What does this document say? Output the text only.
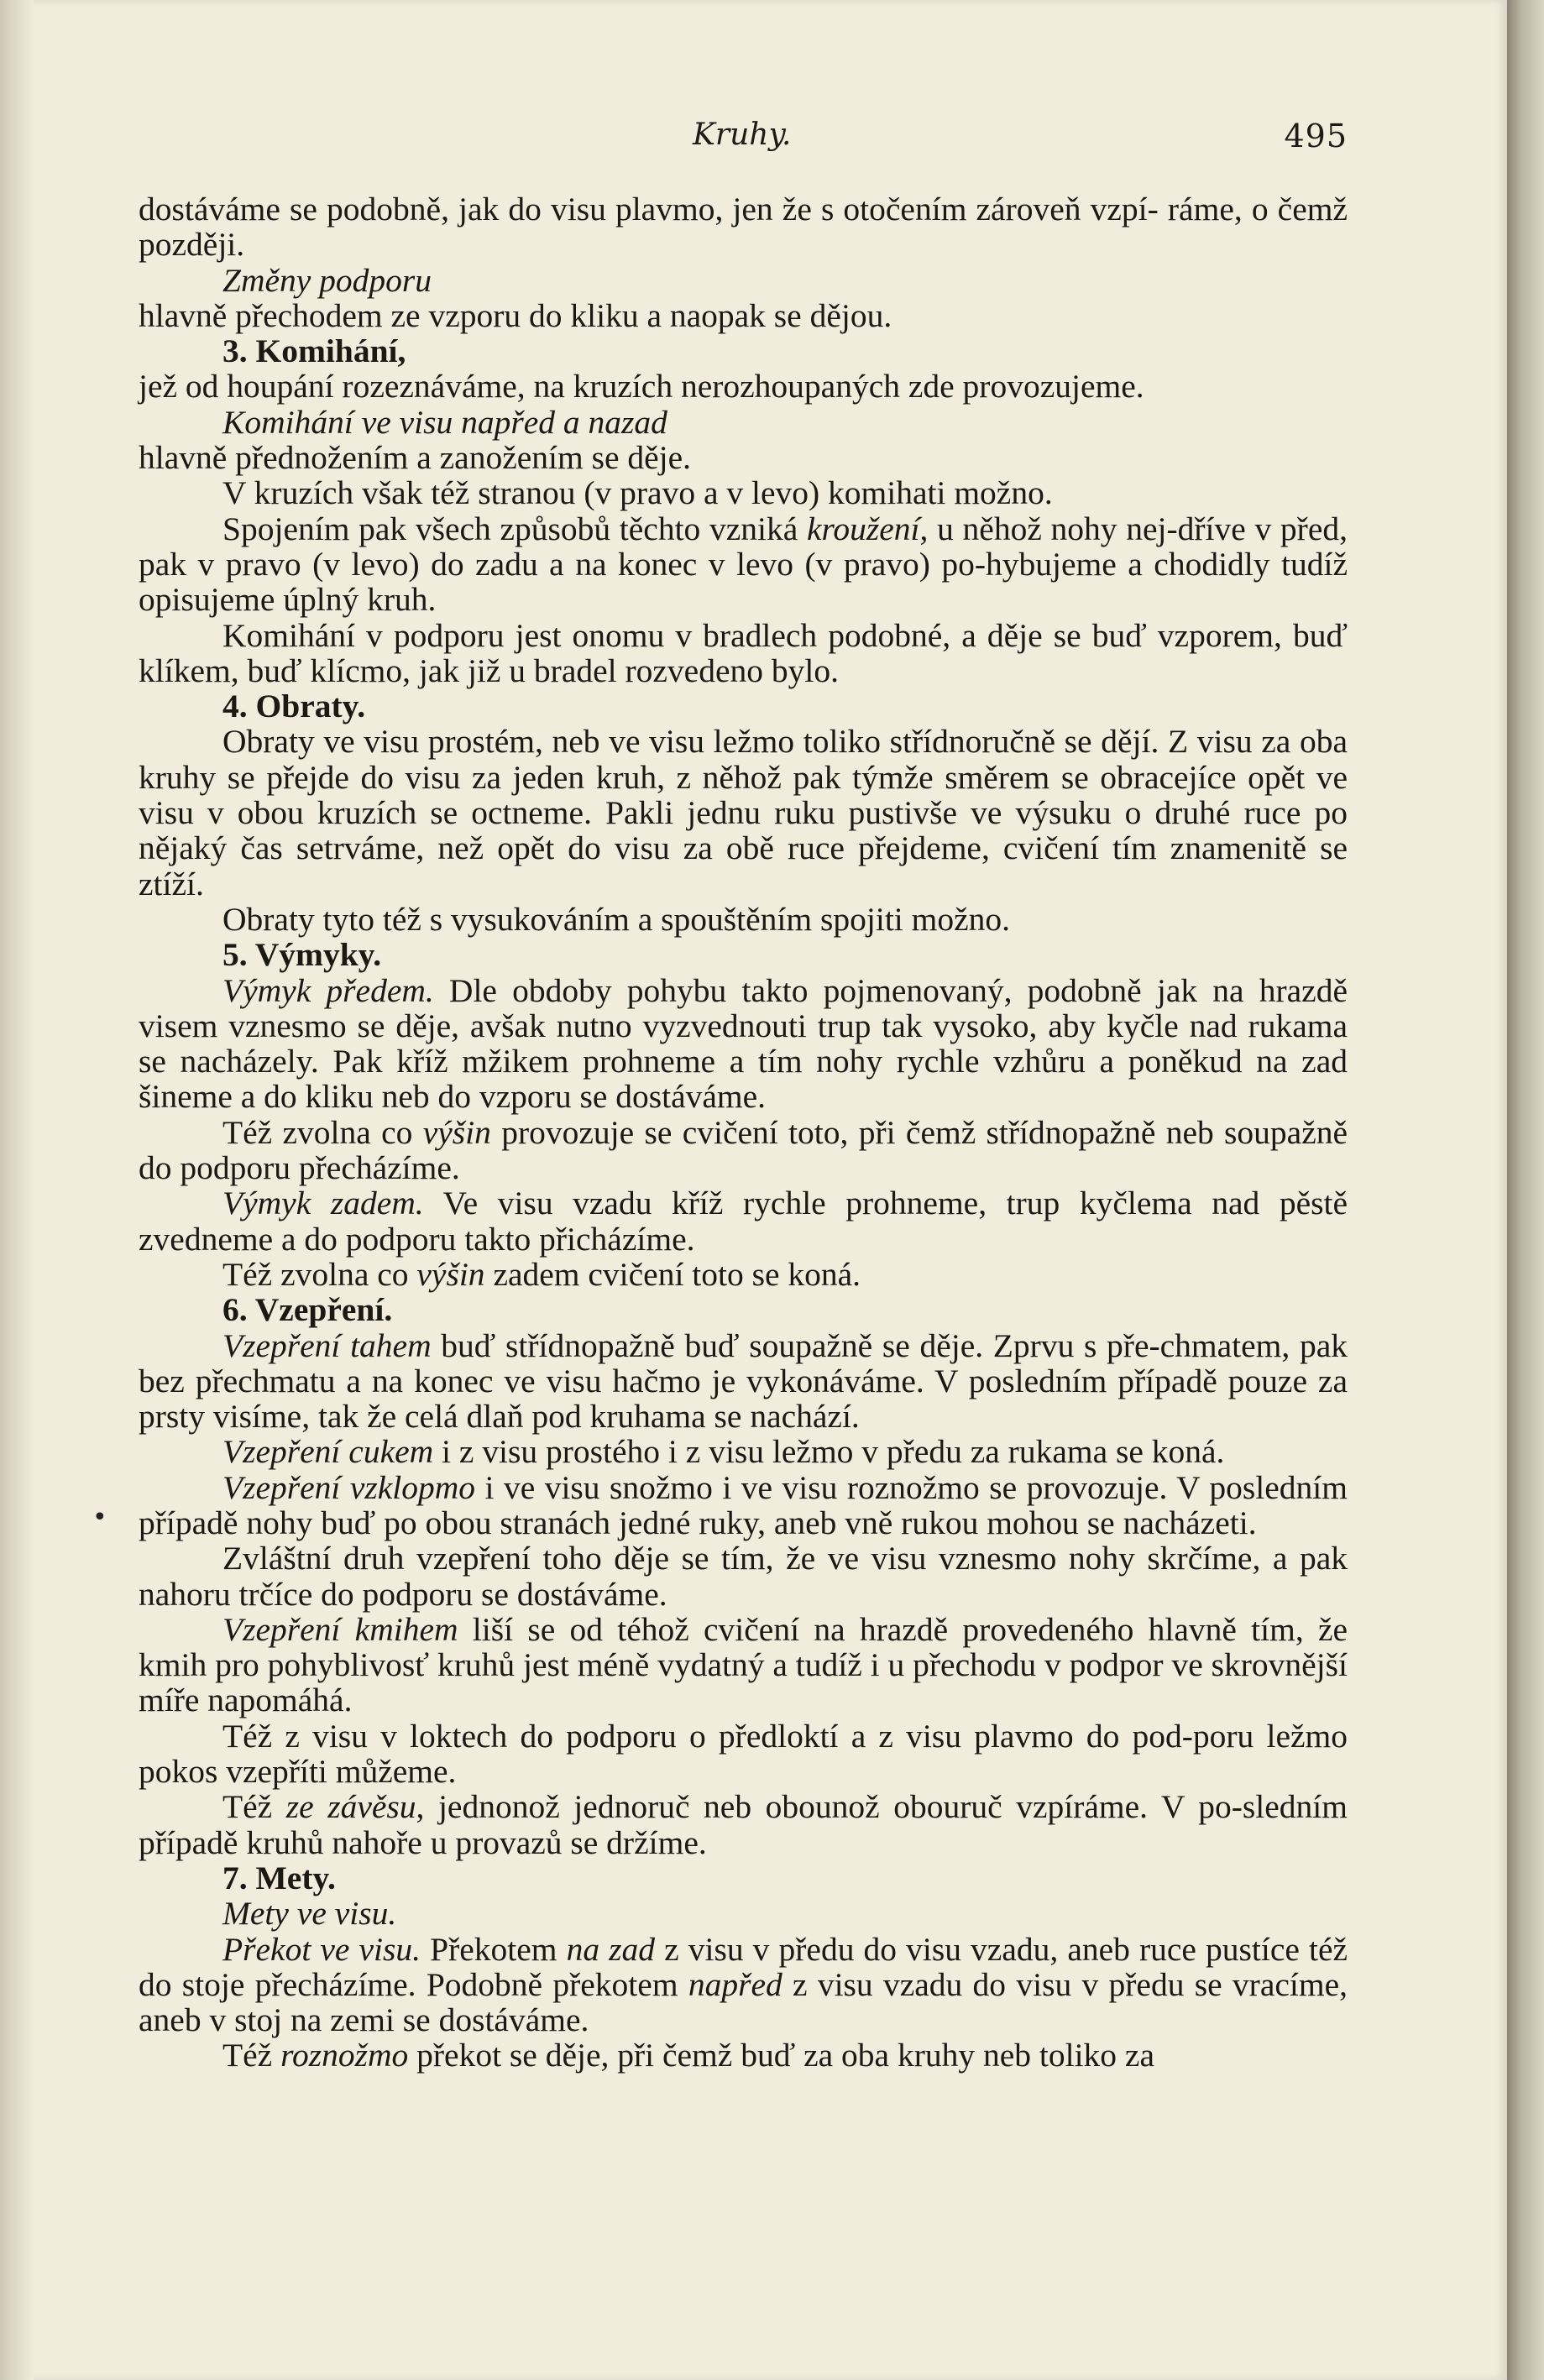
Kruhy.	495

dostáváme se podobně, jak do visu plavmo, jen že s otočením zároveň vzpí- ráme, o čemž později.

Změny podporu

hlavně přechodem ze vzporu do kliku a naopak se dějou.

3. Komihání,

jež od houpání rozeznáváme, na kruzích nerozhoupaných zde provozujeme.

Komihání ve visu napřed a nazad

hlavně přednožením a zanožením se děje.

V kruzích však též stranou (v pravo a v levo) komihati možno.

Spojením pak všech způsobů těchto vzniká kroužení, u něhož nohy nej-dříve v před, pak v pravo (v levo) do zadu a na konec v levo (v pravo) po-hybujeme a chodidly tudíž opisujeme úplný kruh.

Komihání v podporu jest onomu v bradlech podobné, a děje se buď vzporem, buď klíkem, buď klícmo, jak již u bradel rozvedeno bylo.

4. Obraty.

Obraty ve visu prostém, neb ve visu ležmo toliko střídnoručně se dějí. Z visu za oba kruhy se přejde do visu za jeden kruh, z něhož pak týmže směrem se obracejíce opět ve visu v obou kruzích se octneme. Pakli jednu ruku pustivše ve výsuku o druhé ruce po nějaký čas setrváme, než opět do visu za obě ruce přejdeme, cvičení tím znamenitě se ztíží.

Obraty tyto též s vysukováním a spouštěním spojiti možno.

5. Výmyky.

Výmyk předem. Dle obdoby pohybu takto pojmenovaný, podobně jak na hrazdě visem vznesmo se děje, avšak nutno vyzvednouti trup tak vysoko, aby kyčle nad rukama se nacházely. Pak kříž mžikem prohneme a tím nohy rychle vzhůru a poněkud na zad šineme a do kliku neb do vzporu se dostáváme.

Též zvolna co výšin provozuje se cvičení toto, při čemž střídnopažně neb soupažně do podporu přecházíme.

Výmyk zadem. Ve visu vzadu kříž rychle prohneme, trup kyčlema nad pěstě zvedneme a do podporu takto přicházíme.

Též zvolna co výšin zadem cvičení toto se koná.

6. Vzepření.

Vzepření tahem buď střídnopažně buď soupažně se děje. Zprvu s pře-chmatem, pak bez přechmatu a na konec ve visu hačmo je vykonáváme. V posledním případě pouze za prsty visíme, tak že celá dlaň pod kruhama se nachází.

Vzepření cukem i z visu prostého i z visu ležmo v předu za rukama se koná.

Vzepření vzklopmo i ve visu snožmo i ve visu roznožmo se provozuje. V posledním případě nohy buď po obou stranách jedné ruky, aneb vně rukou mohou se nacházeti.

Zvláštní druh vzepření toho děje se tím, že ve visu vznesmo nohy skrčíme, a pak nahoru trčíce do podporu se dostáváme.

Vzepření kmihem liší se od téhož cvičení na hrazdě provedeného hlavně tím, že kmih pro pohyblivosť kruhů jest méně vydatný a tudíž i u přechodu v podpor ve skrovnější míře napomáhá.

Též z visu v loktech do podporu o předloktí a z visu plavmo do pod-poru ležmo pokos vzepříti můžeme.

Též ze závěsu, jednonož jednoruč neb obounož obouruč vzpíráme. V po-sledním případě kruhů nahoře u provazů se držíme.

7. Mety.

Mety ve visu.

Překot ve visu. Překotem na zad z visu v předu do visu vzadu, aneb ruce pustíce též do stoje přecházíme. Podobně překotem napřed z visu vzadu do visu v předu se vracíme, aneb v stoj na zemi se dostáváme.

Též roznožmo překot se děje, při čemž buď za oba kruhy neb toliko za

•
